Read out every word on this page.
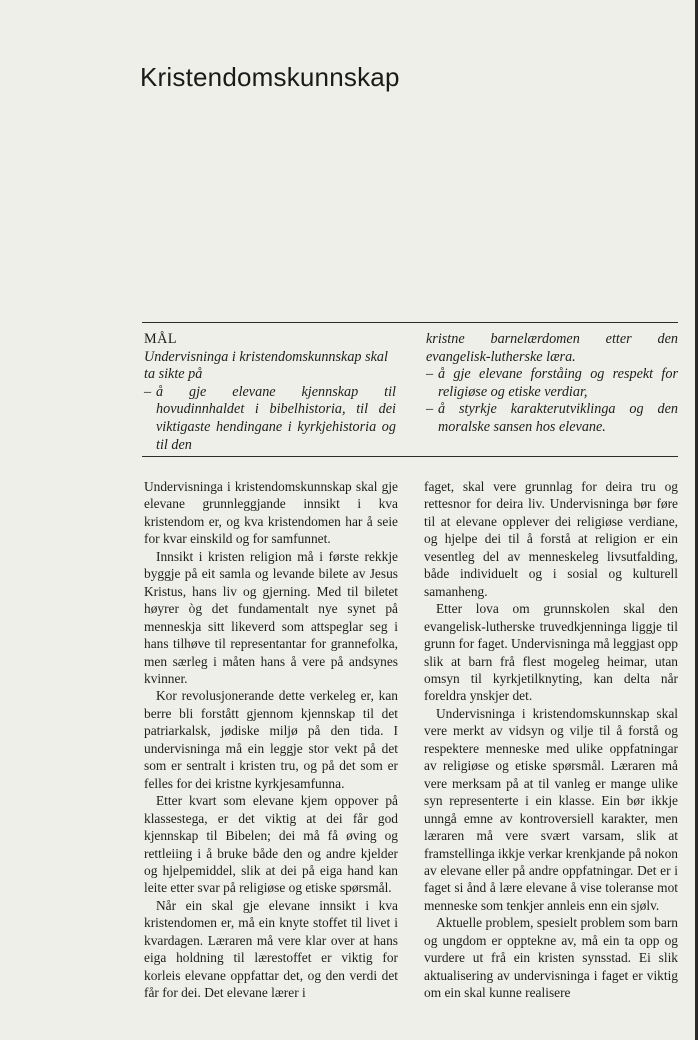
Kristendomskunnskap
MÅL
Undervisninga i kristendomskunnskap skal ta sikte på
– å gje elevane kjennskap til hovudinnhaldet i bibelhistoria, til dei viktigaste hendingane i kyrkjehistoria og til den
kristne barnelærdomen etter den evangelisk-lutherske læra.
– å gje elevane forståing og respekt for religiøse og etiske verdiar,
– å styrkje karakterutviklinga og den moralske sansen hos elevane.

Undervisninga i kristendomskunnskap skal gje elevane grunnleggjande innsikt i kva kristendom er, og kva kristendomen har å seie for kvar einskild og for samfunnet.

Innsikt i kristen religion må i første rekkje byggje på eit samla og levande bilete av Jesus Kristus, hans liv og gjerning. Med til biletet høyrer òg det fundamentalt nye synet på menneskja sitt likeverd som attspeglar seg i hans tilhøve til representantar for grannefolka, men særleg i måten hans å vere på andsynes kvinner.

Kor revolusjonerande dette verkeleg er, kan berre bli forstått gjennom kjennskap til det patriarkalsk, jødiske miljø på den tida. I undervisninga må ein leggje stor vekt på det som er sentralt i kristen tru, og på det som er felles for dei kristne kyrkjesamfunna.

Etter kvart som elevane kjem oppover på klassestega, er det viktig at dei får god kjennskap til Bibelen; dei må få øving og rettleiing i å bruke både den og andre kjelder og hjelpemiddel, slik at dei på eiga hand kan leite etter svar på religiøse og etiske spørsmål.

Når ein skal gje elevane innsikt i kva kristendomen er, må ein knyte stoffet til livet i kvardagen. Læraren må vere klar over at hans eiga holdning til lærestoffet er viktig for korleis elevane oppfattar det, og den verdi det får for dei. Det elevane lærer i

faget, skal vere grunnlag for deira tru og rettesnor for deira liv. Undervisninga bør føre til at elevane opplever dei religiøse verdiane, og hjelpe dei til å forstå at religion er ein vesentleg del av menneskeleg livsutfalding, både individuelt og i sosial og kulturell samanheng.

Etter lova om grunnskolen skal den evangelisk-lutherske truvedkjenninga liggje til grunn for faget. Undervisninga må leggjast opp slik at barn frå flest mogeleg heimar, utan omsyn til kyrkjetilknyting, kan delta når foreldra ynskjer det.

Undervisninga i kristendomskunnskap skal vere merkt av vidsyn og vilje til å forstå og respektere menneske med ulike oppfatningar av religiøse og etiske spørsmål. Læraren må vere merksam på at til vanleg er mange ulike syn representerte i ein klasse. Ein bør ikkje unngå emne av kontroversiell karakter, men læraren må vere svært varsam, slik at framstellinga ikkje verkar krenkjande på nokon av elevane eller på andre oppfatningar. Det er i faget si ånd å lære elevane å vise toleranse mot menneske som tenkjer annleis enn ein sjølv.

Aktuelle problem, spesielt problem som barn og ungdom er opptekne av, må ein ta opp og vurdere ut frå ein kristen synsstad. Ei slik aktualisering av undervisninga i faget er viktig om ein skal kunne realisere
